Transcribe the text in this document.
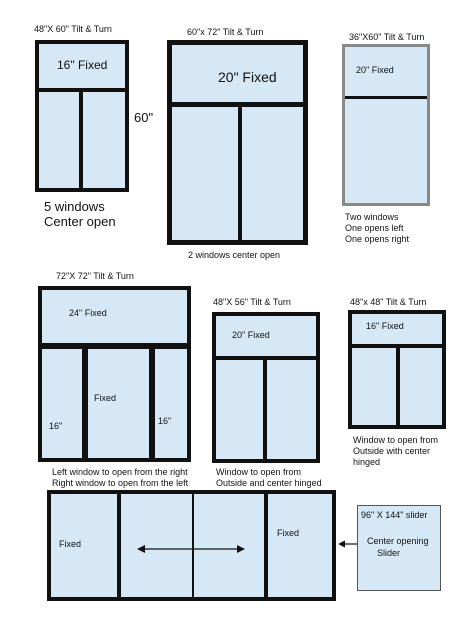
48"X 60" Tilt & Turn
16" Fixed
60"
5 windows
Center open
60"x 72" Tilt & Turn
20" Fixed
2 windows center open
36"X60" Tilt & Turn
20" Fixed
Two windows
One opens left
One opens right
72"X 72" Tilt & Turn
24" Fixed
Fixed
16"	16"
Left window to open from the right
Right window to open from the left
48"X 56" Tilt & Turn
20" Fixed
Window to open from
Outside and center hinged
48"x 48" Tilt & Turn
16" Fixed
Window to open from
Outside with center
hinged
Fixed
Fixed
96" X 144" slider
Center opening
Slider
